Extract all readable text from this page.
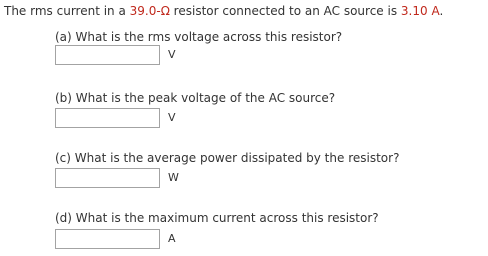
The rms current in a 39.0-Ω resistor connected to an AC source is 3.10 A.
(a) What is the rms voltage across this resistor?
V
(b) What is the peak voltage of the AC source?
V
(c) What is the average power dissipated by the resistor?
W
(d) What is the maximum current across this resistor?
A
